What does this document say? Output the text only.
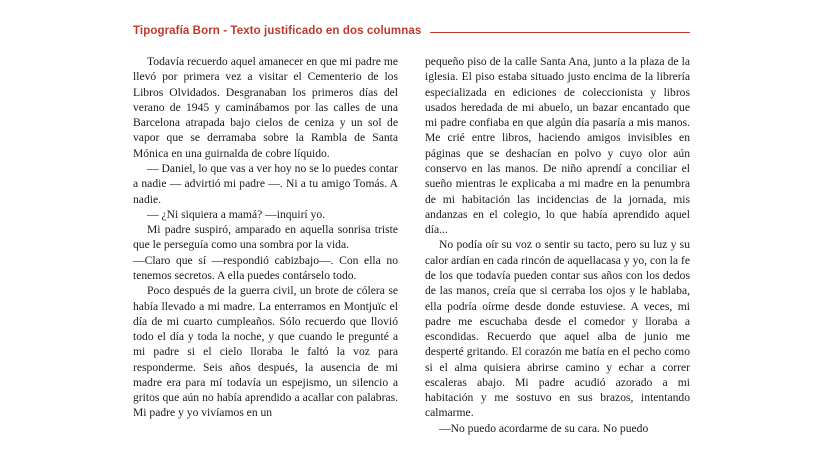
Tipografía Born - Texto justificado en dos columnas

Todavía recuerdo aquel amanecer en que mi padre me llevó por primera vez a visitar el Cementerio de los Libros Olvidados. Desgranaban los primeros días del verano de 1945 y caminábamos por las calles de una Barcelona atrapada bajo cielos de ceniza y un sol de vapor que se derramaba sobre la Rambla de Santa Mónica en una guirnalda de cobre líquido.

— Daniel, lo que vas a ver hoy no se lo puedes contar a nadie — advirtió mi padre —. Ni a tu amigo Tomás. A nadie.

— ¿Ni siquiera a mamá? —inquirí yo.

Mi padre suspiró, amparado en aquella sonrisa triste que le perseguía como una sombra por la vida.

—Claro que sí —respondió cabizbajo—. Con ella no tenemos secretos. A ella puedes contárselo todo.

Poco después de la guerra civil, un brote de cólera se había llevado a mi madre. La enterramos en Montjuïc el día de mi cuarto cumpleaños. Sólo recuerdo que llovió todo el día y toda la noche, y que cuando le pregunté a mi padre si el cielo lloraba le faltó la voz para responderme. Seis años después, la ausencia de mi madre era para mí todavía un espejismo, un silencio a gritos que aún no había aprendido a acallar con palabras. Mi padre y yo vivíamos en un

pequeño piso de la calle Santa Ana, junto a la plaza de la iglesia. El piso estaba situado justo encima de la librería especializada en ediciones de coleccionista y libros usados heredada de mi abuelo, un bazar encantado que mi padre confiaba en que algún día pasaría a mis manos. Me crié entre libros, haciendo amigos invisibles en páginas que se deshacían en polvo y cuyo olor aún conservo en las manos. De niño aprendí a conciliar el sueño mientras le explicaba a mi madre en la penumbra de mi habitación las incidencias de la jornada, mis andanzas en el colegio, lo que había aprendido aquel día...

No podía oír su voz o sentir su tacto, pero su luz y su calor ardían en cada rincón de aquellacasa y yo, con la fe de los que todavía pueden contar sus años con los dedos de las manos, creía que si cerraba los ojos y le hablaba, ella podría oírme desde donde estuviese. A veces, mi padre me escuchaba desde el comedor y lloraba a escondidas. Recuerdo que aquel alba de junio me desperté gritando. El corazón me batía en el pecho como si el alma quisiera abrirse camino y echar a correr escaleras abajo. Mi padre acudió azorado a mi habitación y me sostuvo en sus brazos, intentando calmarme.

—No puedo acordarme de su cara. No puedo
